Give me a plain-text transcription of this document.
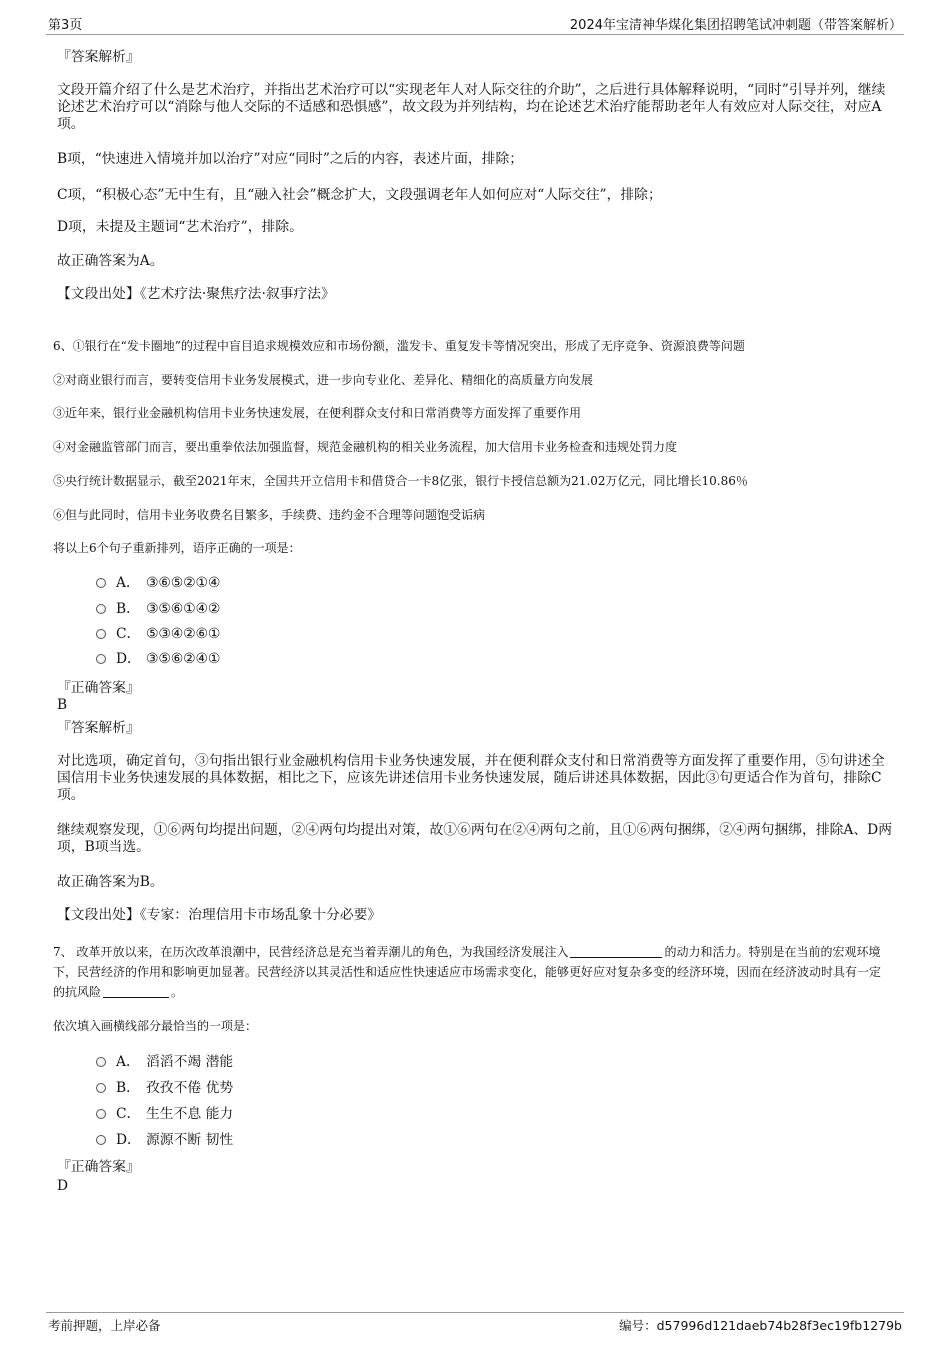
第3页	2024年宝清神华煤化集团招聘笔试冲刺题（带答案解析）
『答案解析』
文段开篇介绍了什么是艺术治疗，并指出艺术治疗可以“实现老年人对人际交往的介助”，之后进行具体解释说明，“同时”引导并列，继续论述艺术治疗可以“消除与他人交际的不适感和恐惧感”，故文段为并列结构，均在论述艺术治疗能帮助老年人有效应对人际交往，对应A项。
B项，“快速进入情境并加以治疗”对应“同时”之后的内容，表述片面，排除；
C项，“积极心态”无中生有，且“融入社会”概念扩大，文段强调老年人如何应对“人际交往”，排除；
D项，未提及主题词“艺术治疗”，排除。
故正确答案为A。
【文段出处】《艺术疗法·聚焦疗法·叙事疗法》
6、①银行在“发卡圈地”的过程中盲目追求规模效应和市场份额，滥发卡、重复发卡等情况突出，形成了无序竞争、资源浪费等问题
②对商业银行而言，要转变信用卡业务发展模式，进一步向专业化、差异化、精细化的高质量方向发展
③近年来，银行业金融机构信用卡业务快速发展，在便利群众支付和日常消费等方面发挥了重要作用
④对金融监管部门而言，要出重拳依法加强监督，规范金融机构的相关业务流程，加大信用卡业务检查和违规处罚力度
⑤央行统计数据显示，截至2021年末，全国共开立信用卡和借贷合一卡8亿张，银行卡授信总额为21.02万亿元，同比增长10.86％
⑥但与此同时，信用卡业务收费名目繁多，手续费、违约金不合理等问题饱受诟病
将以上6个句子重新排列，语序正确的一项是：
A． ③⑥⑤②①④
B． ③⑤⑥①④②
C． ⑤③④②⑥①
D． ③⑤⑥②④①
『正确答案』
B
『答案解析』
对比选项，确定首句，③句指出银行业金融机构信用卡业务快速发展，并在便利群众支付和日常消费等方面发挥了重要作用，⑤句讲述全国信用卡业务快速发展的具体数据，相比之下，应该先讲述信用卡业务快速发展，随后讲述具体数据，因此③句更适合作为首句，排除C项。
继续观察发现，①⑥两句均提出问题，②④两句均提出对策，故①⑥两句在②④两句之前，且①⑥两句捆绑，②④两句捆绑，排除A、D两项，B项当选。
故正确答案为B。
【文段出处】《专家：治理信用卡市场乱象十分必要》
7、 改革开放以来，在历次改革浪潮中，民营经济总是充当着弄潮儿的角色，为我国经济发展注入	的动力和活力。特别是在当前的宏观环境下，民营经济的作用和影响更加显著。民营经济以其灵活性和适应性快速适应市场需求变化，能够更好应对复杂多变的经济环境，因而在经济波动时具有一定的抗风险	。
依次填入画横线部分最恰当的一项是：
A． 滔滔不竭 潜能
B． 孜孜不倦 优势
C． 生生不息 能力
D． 源源不断 韧性
『正确答案』
D
考前押题，上岸必备	编号：d57996d121daeb74b28f3ec19fb1279b
